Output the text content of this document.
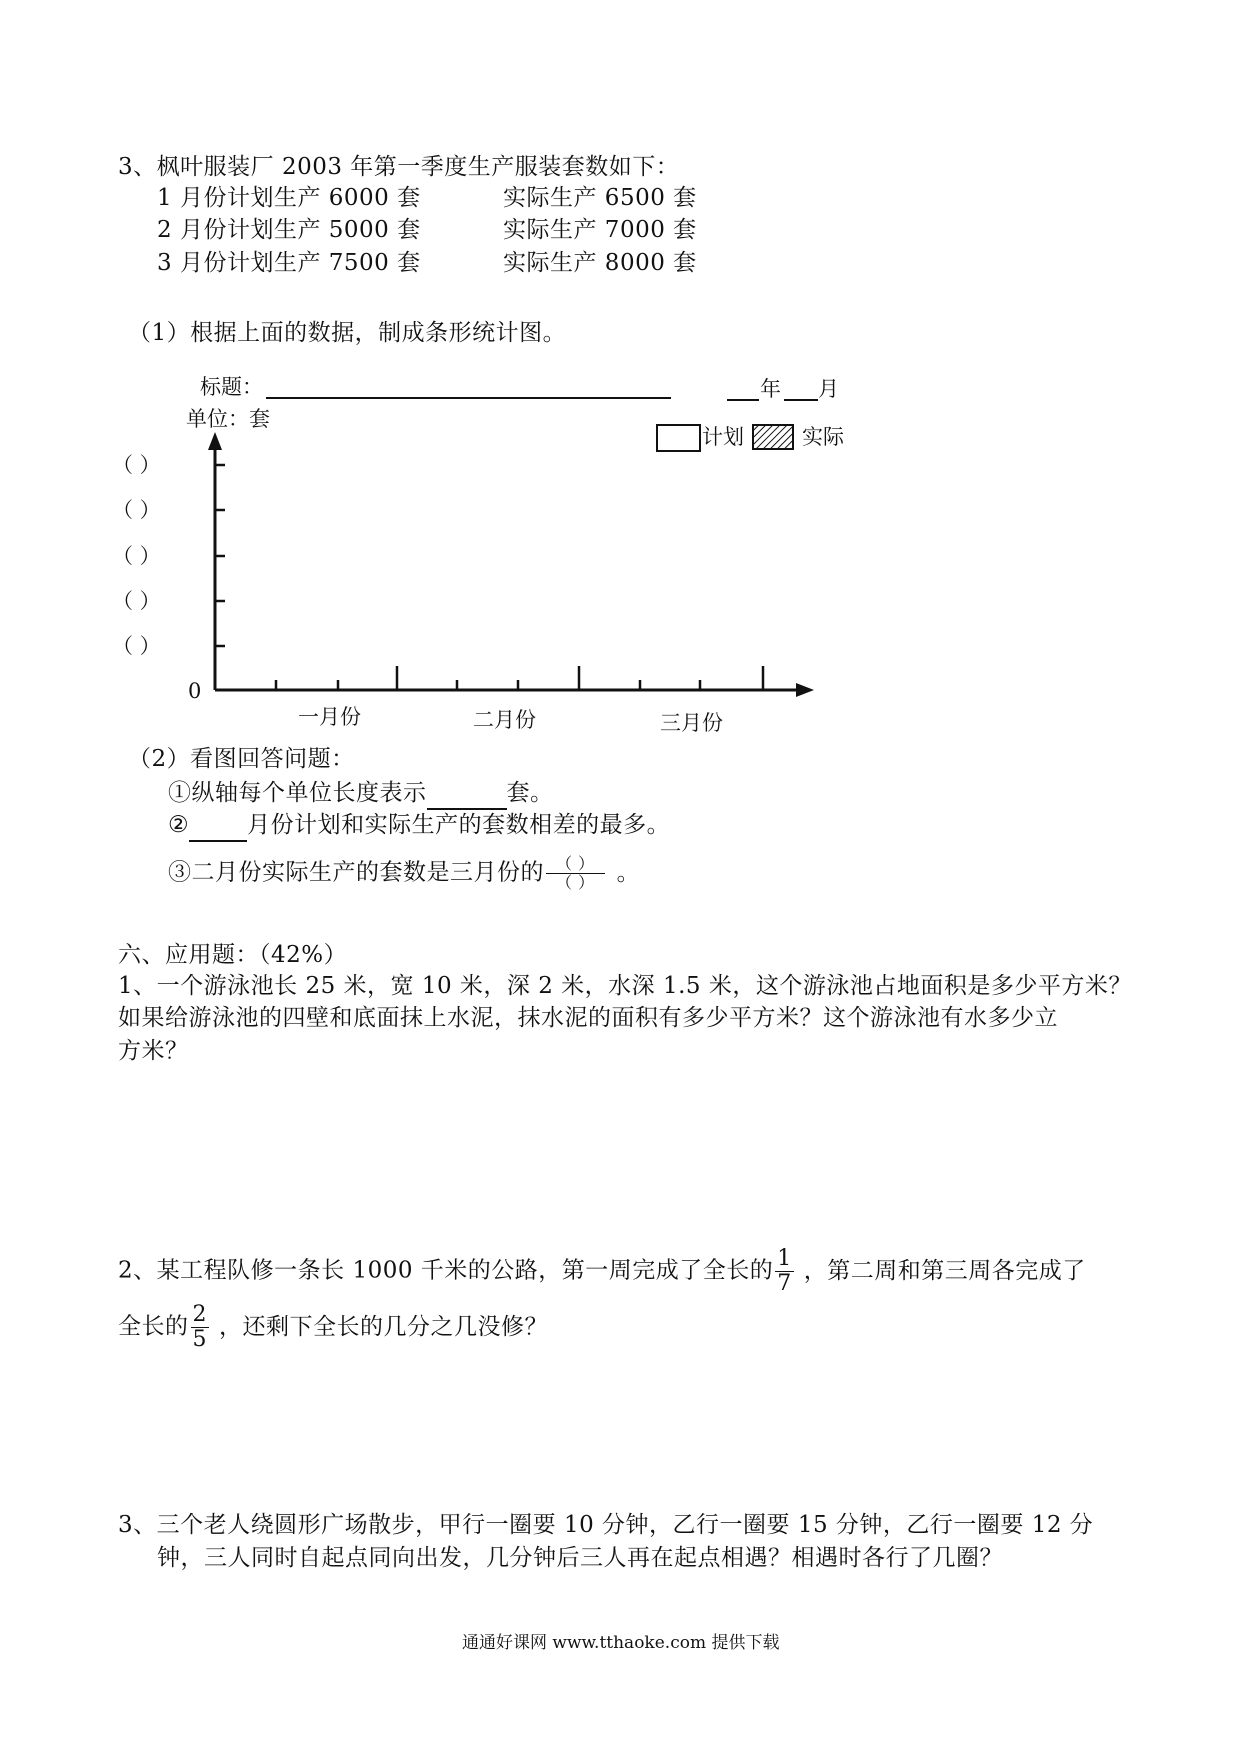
3、枫叶服装厂 2003 年第一季度生产服装套数如下：
1 月份计划生产 6000 套	实际生产 6500 套
2 月份计划生产 5000 套	实际生产 7000 套
3 月份计划生产 7500 套	实际生产 8000 套
（1）根据上面的数据，制成条形统计图。
标题：	年 月
单位：套
计划	实际
（ ）
（ ）
（ ）
（ ）
（ ）
0
一月份	二月份	三月份
（2）看图回答问题：
①纵轴每个单位长度表示	套。
②	月份计划和实际生产的套数相差的最多。
③二月份实际生产的套数是三月份的 $\frac{( )}{( )}$ 。
六、应用题：（42%）
1、一个游泳池长 25 米，宽 10 米，深 2 米，水深 1.5 米，这个游泳池占地面积是多少平方米？
如果给游泳池的四壁和底面抹上水泥，抹水泥的面积有多少平方米？这个游泳池有水多少立
方米？
2、某工程队修一条长 1000 千米的公路，第一周完成了全长的 $\frac{1}{7}$ ，第二周和第三周各完成了
全长的 $\frac{2}{5}$ ，还剩下全长的几分之几没修？
3、三个老人绕圆形广场散步，甲行一圈要 10 分钟，乙行一圈要 15 分钟，乙行一圈要 12 分
钟，三人同时自起点同向出发，几分钟后三人再在起点相遇？相遇时各行了几圈？
通通好课网 www.tthaoke.com 提供下载
